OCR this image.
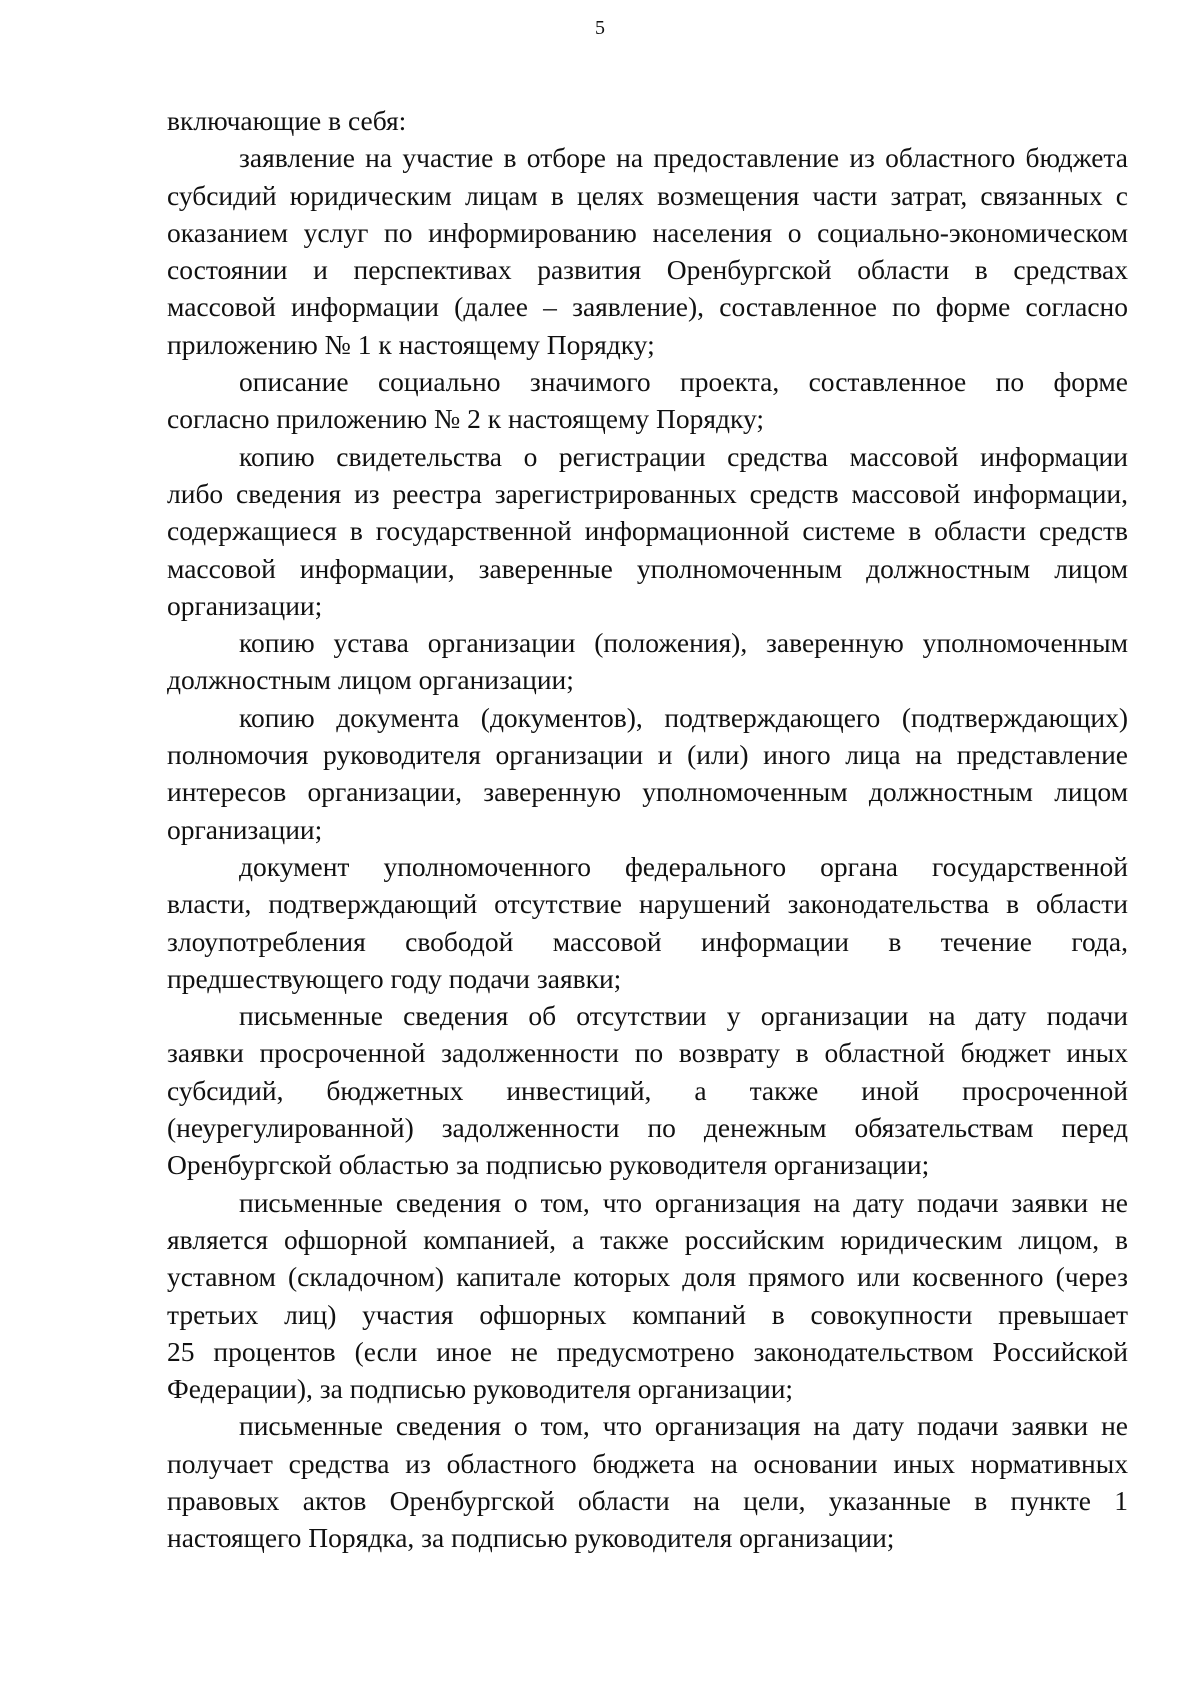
5
включающие в себя:
заявление на участие в отборе на предоставление из областного бюджета
субсидий юридическим лицам в целях возмещения части затрат, связанных с
оказанием услуг по информированию населения о социально-экономическом
состоянии и перспективах развития Оренбургской области в средствах
массовой информации (далее – заявление), составленное по форме согласно
приложению № 1 к настоящему Порядку;
описание социально значимого проекта, составленное по форме
согласно приложению № 2 к настоящему Порядку;
копию свидетельства о регистрации средства массовой информации
либо сведения из реестра зарегистрированных средств массовой информации,
содержащиеся в государственной информационной системе в области средств
массовой информации, заверенные уполномоченным должностным лицом
организации;
копию устава организации (положения), заверенную уполномоченным
должностным лицом организации;
копию документа (документов), подтверждающего (подтверждающих)
полномочия руководителя организации и (или) иного лица на представление
интересов организации, заверенную уполномоченным должностным лицом
организации;
документ уполномоченного федерального органа государственной
власти, подтверждающий отсутствие нарушений законодательства в области
злоупотребления свободой массовой информации в течение года,
предшествующего году подачи заявки;
письменные сведения об отсутствии у организации на дату подачи
заявки просроченной задолженности по возврату в областной бюджет иных
субсидий, бюджетных инвестиций, а также иной просроченной
(неурегулированной) задолженности по денежным обязательствам перед
Оренбургской областью за подписью руководителя организации;
письменные сведения о том, что организация на дату подачи заявки не
является офшорной компанией, а также российским юридическим лицом, в
уставном (складочном) капитале которых доля прямого или косвенного (через
третьих лиц) участия офшорных компаний в совокупности превышает
25 процентов (если иное не предусмотрено законодательством Российской
Федерации), за подписью руководителя организации;
письменные сведения о том, что организация на дату подачи заявки не
получает средства из областного бюджета на основании иных нормативных
правовых актов Оренбургской области на цели, указанные в пункте 1
настоящего Порядка, за подписью руководителя организации;
